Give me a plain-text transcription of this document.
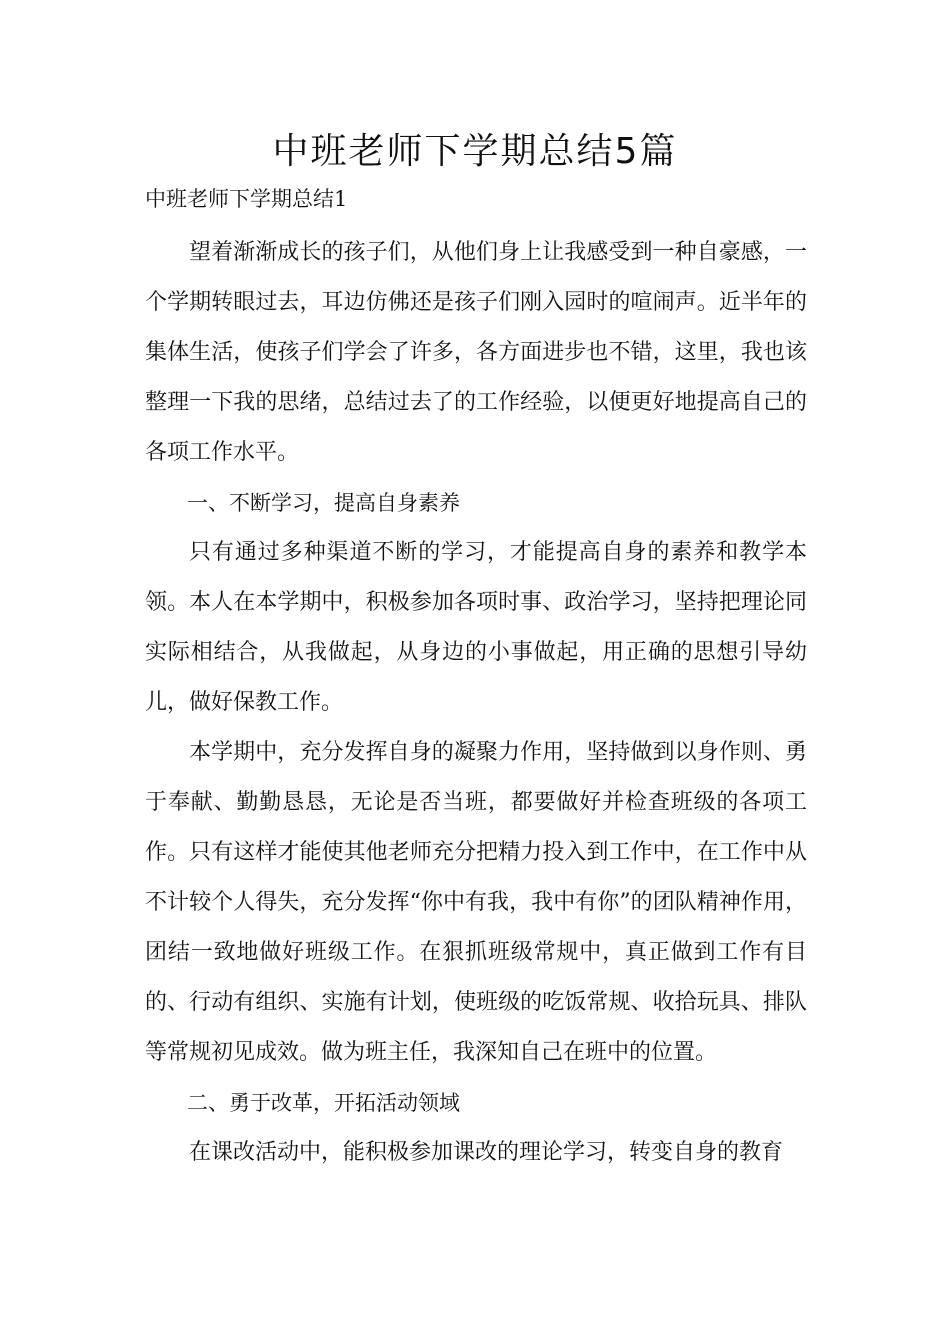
中班老师下学期总结5篇
中班老师下学期总结1

望着渐渐成长的孩子们，从他们身上让我感受到一种自豪感，一个学期转眼过去，耳边仿佛还是孩子们刚入园时的喧闹声。近半年的集体生活，使孩子们学会了许多，各方面进步也不错，这里，我也该整理一下我的思绪，总结过去了的工作经验，以便更好地提高自己的各项工作水平。

一、不断学习，提高自身素养

只有通过多种渠道不断的学习，才能提高自身的素养和教学本领。本人在本学期中，积极参加各项时事、政治学习，坚持把理论同实际相结合，从我做起，从身边的小事做起，用正确的思想引导幼儿，做好保教工作。

本学期中，充分发挥自身的凝聚力作用，坚持做到以身作则、勇于奉献、勤勤恳恳，无论是否当班，都要做好并检查班级的各项工作。只有这样才能使其他老师充分把精力投入到工作中，在工作中从不计较个人得失，充分发挥“你中有我，我中有你”的团队精神作用，团结一致地做好班级工作。在狠抓班级常规中，真正做到工作有目的、行动有组织、实施有计划，使班级的吃饭常规、收拾玩具、排队等常规初见成效。做为班主任，我深知自己在班中的位置。

二、勇于改革，开拓活动领域

在课改活动中，能积极参加课改的理论学习，转变自身的教育
